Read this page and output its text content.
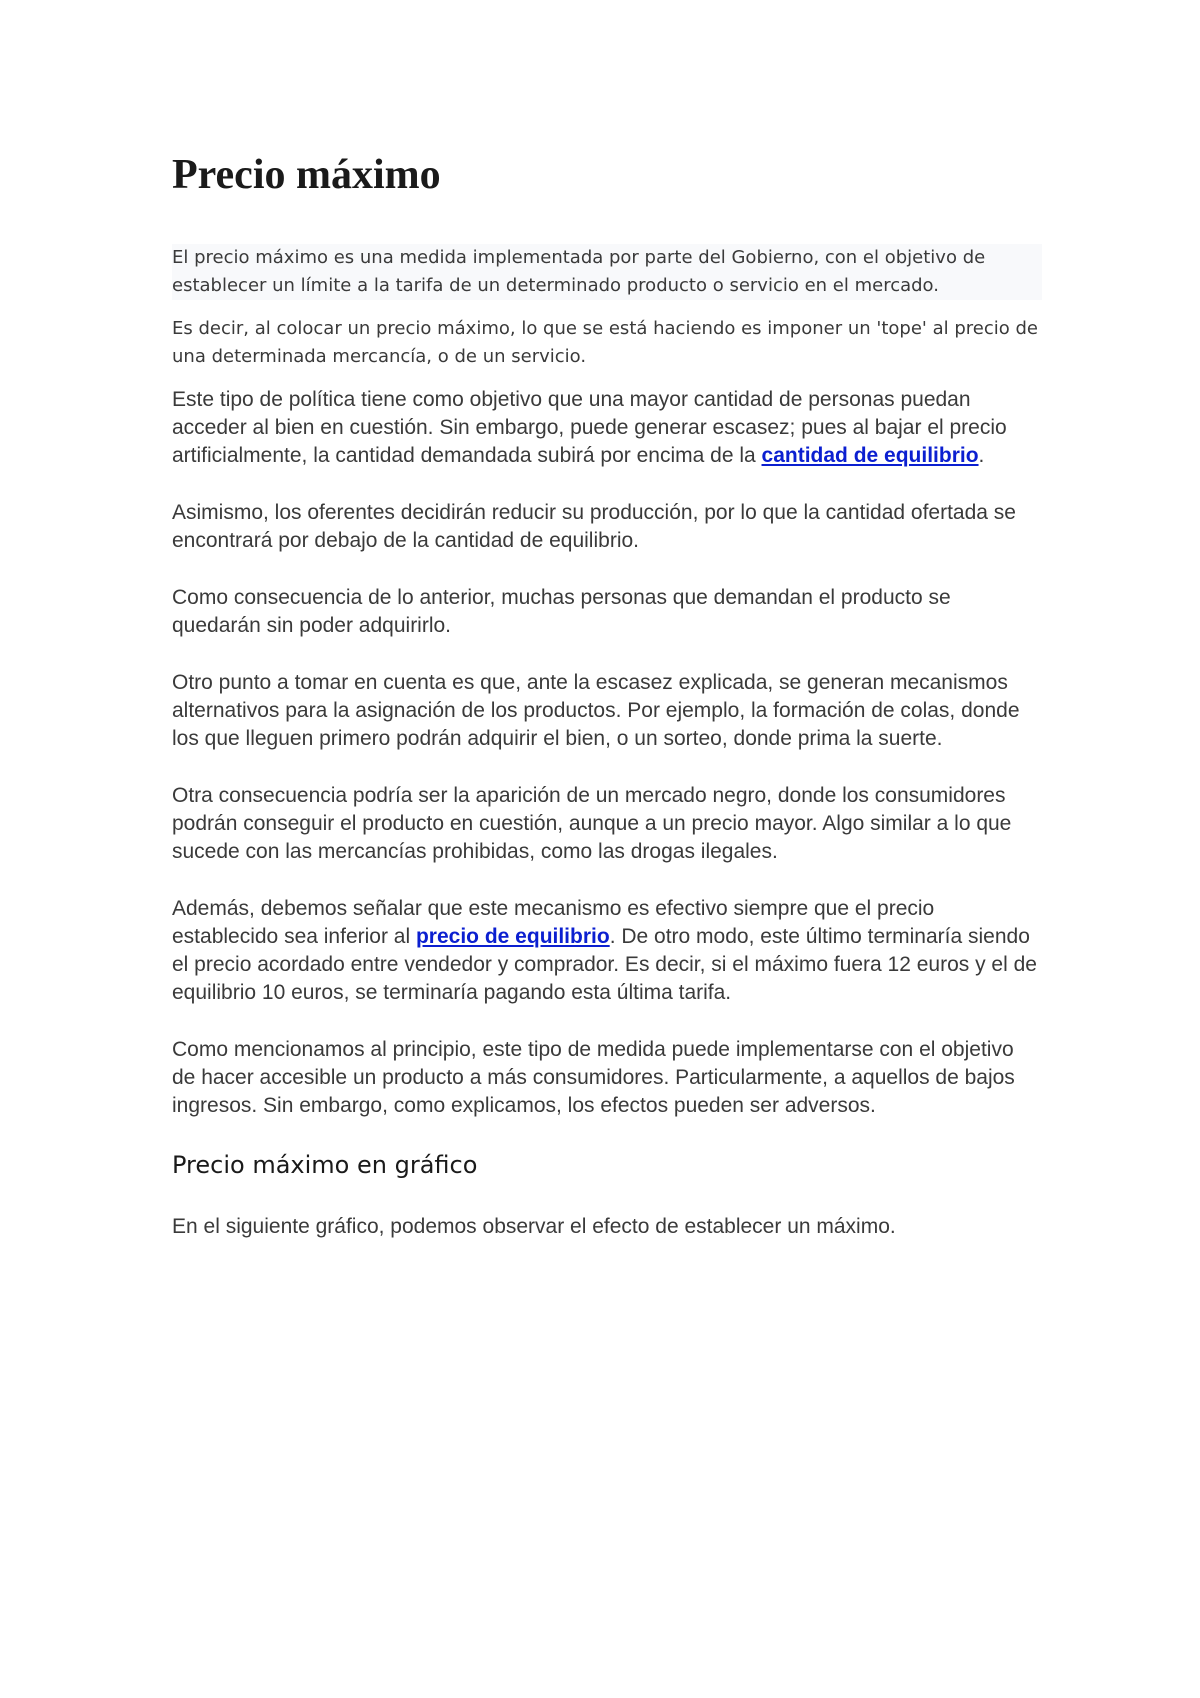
Precio máximo

El precio máximo es una medida implementada por parte del Gobierno, con el objetivo de establecer un límite a la tarifa de un determinado producto o servicio en el mercado.

Es decir, al colocar un precio máximo, lo que se está haciendo es imponer un 'tope' al precio de una determinada mercancía, o de un servicio.

Este tipo de política tiene como objetivo que una mayor cantidad de personas puedan acceder al bien en cuestión. Sin embargo, puede generar escasez; pues al bajar el precio artificialmente, la cantidad demandada subirá por encima de la cantidad de equilibrio.

Asimismo, los oferentes decidirán reducir su producción, por lo que la cantidad ofertada se encontrará por debajo de la cantidad de equilibrio.

Como consecuencia de lo anterior, muchas personas que demandan el producto se quedarán sin poder adquirirlo.

Otro punto a tomar en cuenta es que, ante la escasez explicada, se generan mecanismos alternativos para la asignación de los productos. Por ejemplo, la formación de colas, donde los que lleguen primero podrán adquirir el bien, o un sorteo, donde prima la suerte.

Otra consecuencia podría ser la aparición de un mercado negro, donde los consumidores podrán conseguir el producto en cuestión, aunque a un precio mayor. Algo similar a lo que sucede con las mercancías prohibidas, como las drogas ilegales.

Además, debemos señalar que este mecanismo es efectivo siempre que el precio establecido sea inferior al precio de equilibrio. De otro modo, este último terminaría siendo el precio acordado entre vendedor y comprador. Es decir, si el máximo fuera 12 euros y el de equilibrio 10 euros, se terminaría pagando esta última tarifa.

Como mencionamos al principio, este tipo de medida puede implementarse con el objetivo de hacer accesible un producto a más consumidores. Particularmente, a aquellos de bajos ingresos. Sin embargo, como explicamos, los efectos pueden ser adversos.

Precio máximo en gráfico

En el siguiente gráfico, podemos observar el efecto de establecer un máximo.
